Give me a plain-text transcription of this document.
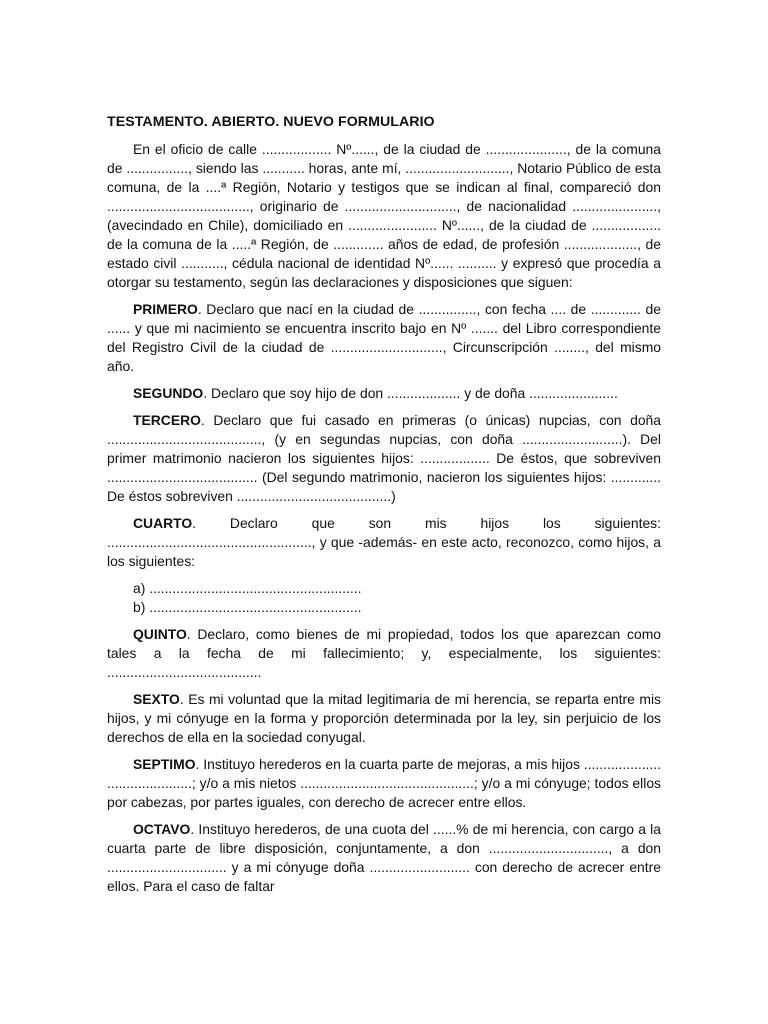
TESTAMENTO. ABIERTO. NUEVO FORMULARIO

En el oficio de calle .................. Nº......, de la ciudad de ....................., de la comuna de ................, siendo las ........... horas, ante mí, ..........................., Notario Público de esta comuna, de la ....ª Región, Notario y testigos que se indican al final, compareció don ....................................., originario de ............................., de nacionalidad ......................, (avecindado en Chile), domiciliado en ....................... Nº......, de la ciudad de .................. de la comuna de la .....ª Región, de ............. años de edad, de profesión ..................., de estado civil ..........., cédula nacional de identidad Nº...... .......... y expresó que procedía a otorgar su testamento, según las declaraciones y disposiciones que siguen:

PRIMERO. Declaro que nací en la ciudad de ..............., con fecha .... de ............. de ...... y que mi nacimiento se encuentra inscrito bajo en Nº ....... del Libro correspondiente del Registro Civil de la ciudad de ............................., Circunscripción ........, del mismo año.

SEGUNDO. Declaro que soy hijo de don ................... y de doña .......................

TERCERO. Declaro que fui casado en primeras (o únicas) nupcias, con doña ........................................, (y en segundas nupcias, con doña ..........................). Del primer matrimonio nacieron los siguientes hijos: .................. De éstos, que sobreviven ....................................... (Del segundo matrimonio, nacieron los siguientes hijos: ............. De éstos sobreviven ........................................)

CUARTO. Declaro que son mis hijos los siguientes: ....................................................., y que -además- en este acto, reconozco, como hijos, a los siguientes:

a) .......................................................

b) .......................................................

QUINTO. Declaro, como bienes de mi propiedad, todos los que aparezcan como tales a la fecha de mi fallecimiento; y, especialmente, los siguientes: ........................................

SEXTO. Es mi voluntad que la mitad legitimaria de mi herencia, se reparta entre mis hijos, y mi cónyuge en la forma y proporción determinada por la ley, sin perjuicio de los derechos de ella en la sociedad conyugal.

SEPTIMO. Instituyo herederos en la cuarta parte de mejoras, a mis hijos .................... ......................; y/o a mis nietos .............................................; y/o a mi cónyuge; todos ellos por cabezas, por partes iguales, con derecho de acrecer entre ellos.

OCTAVO. Instituyo herederos, de una cuota del ......% de mi herencia, con cargo a la cuarta parte de libre disposición, conjuntamente, a don ..............................., a don ............................... y a mi cónyuge doña .......................... con derecho de acrecer entre ellos. Para el caso de faltar
